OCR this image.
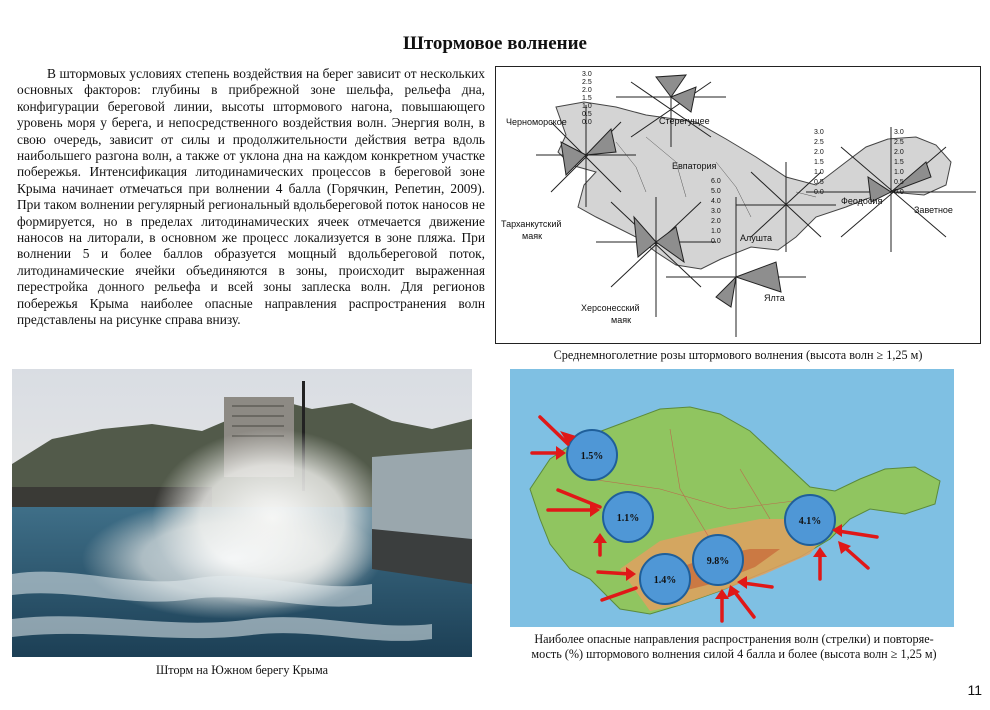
Штормовое волнение

В штормовых условиях степень воздействия на берег зависит от нескольких основных факторов: глубины в прибрежной зоне шельфа, рельефа дна, конфигурации береговой линии, высоты штормового нагона, повышающего уровень моря у берега, и непосредственного воздействия волн. Энергия волн, в свою очередь, зависит от силы и продолжительности действия ветра вдоль наибольшего разгона волн, а также от уклона дна на каждом конкретном участке побережья. Интенсификация литодинамических процессов в береговой зоне Крыма начинает отмечаться при волнении 4 балла (Горячкин, Репетин, 2009). При таком волнении регулярный региональный вдольбереговой поток наносов не формируется, но в пределах литодинамических ячеек отмечается движение наносов на литорали, в основном же процесс локализуется в зоне пляжа. При волнении 5 и более баллов образуется мощный вдольбереговой поток, литодинамические ячейки объединяются в зоны, происходит выраженная перестройка донного рельефа и всей зоны заплеска волн. Для регионов побережья Крыма наиболее опасные направления распространения волн представлены на рисунке справа внизу.

Черноморское	Стерегущее
Евпатория
Тарханкутский
маяк	Алушта
Феодосия
Заветное
Ялта
Херсонесский
маяк
3.0
2.5
2.0
1.5
1.0
0.5
0.0
6.0
5.0
4.0
3.0
2.0
1.0
0.0
3.0
2.5
2.0
1.5
1.0
0.5
0.0
3.0
2.5
2.0
1.5
1.0
0.5
0.0
Среднемноголетние розы штормового волнения (высота волн ≥ 1,25 м)
Шторм на Южном берегу Крыма
1.5%
1.1%
1.4%
9.8%
4.1%
Наиболее опасные направления распространения волн (стрелки) и повторяе-
мость (%) штормового волнения силой 4 балла и более (высота волн ≥ 1,25 м)
11
